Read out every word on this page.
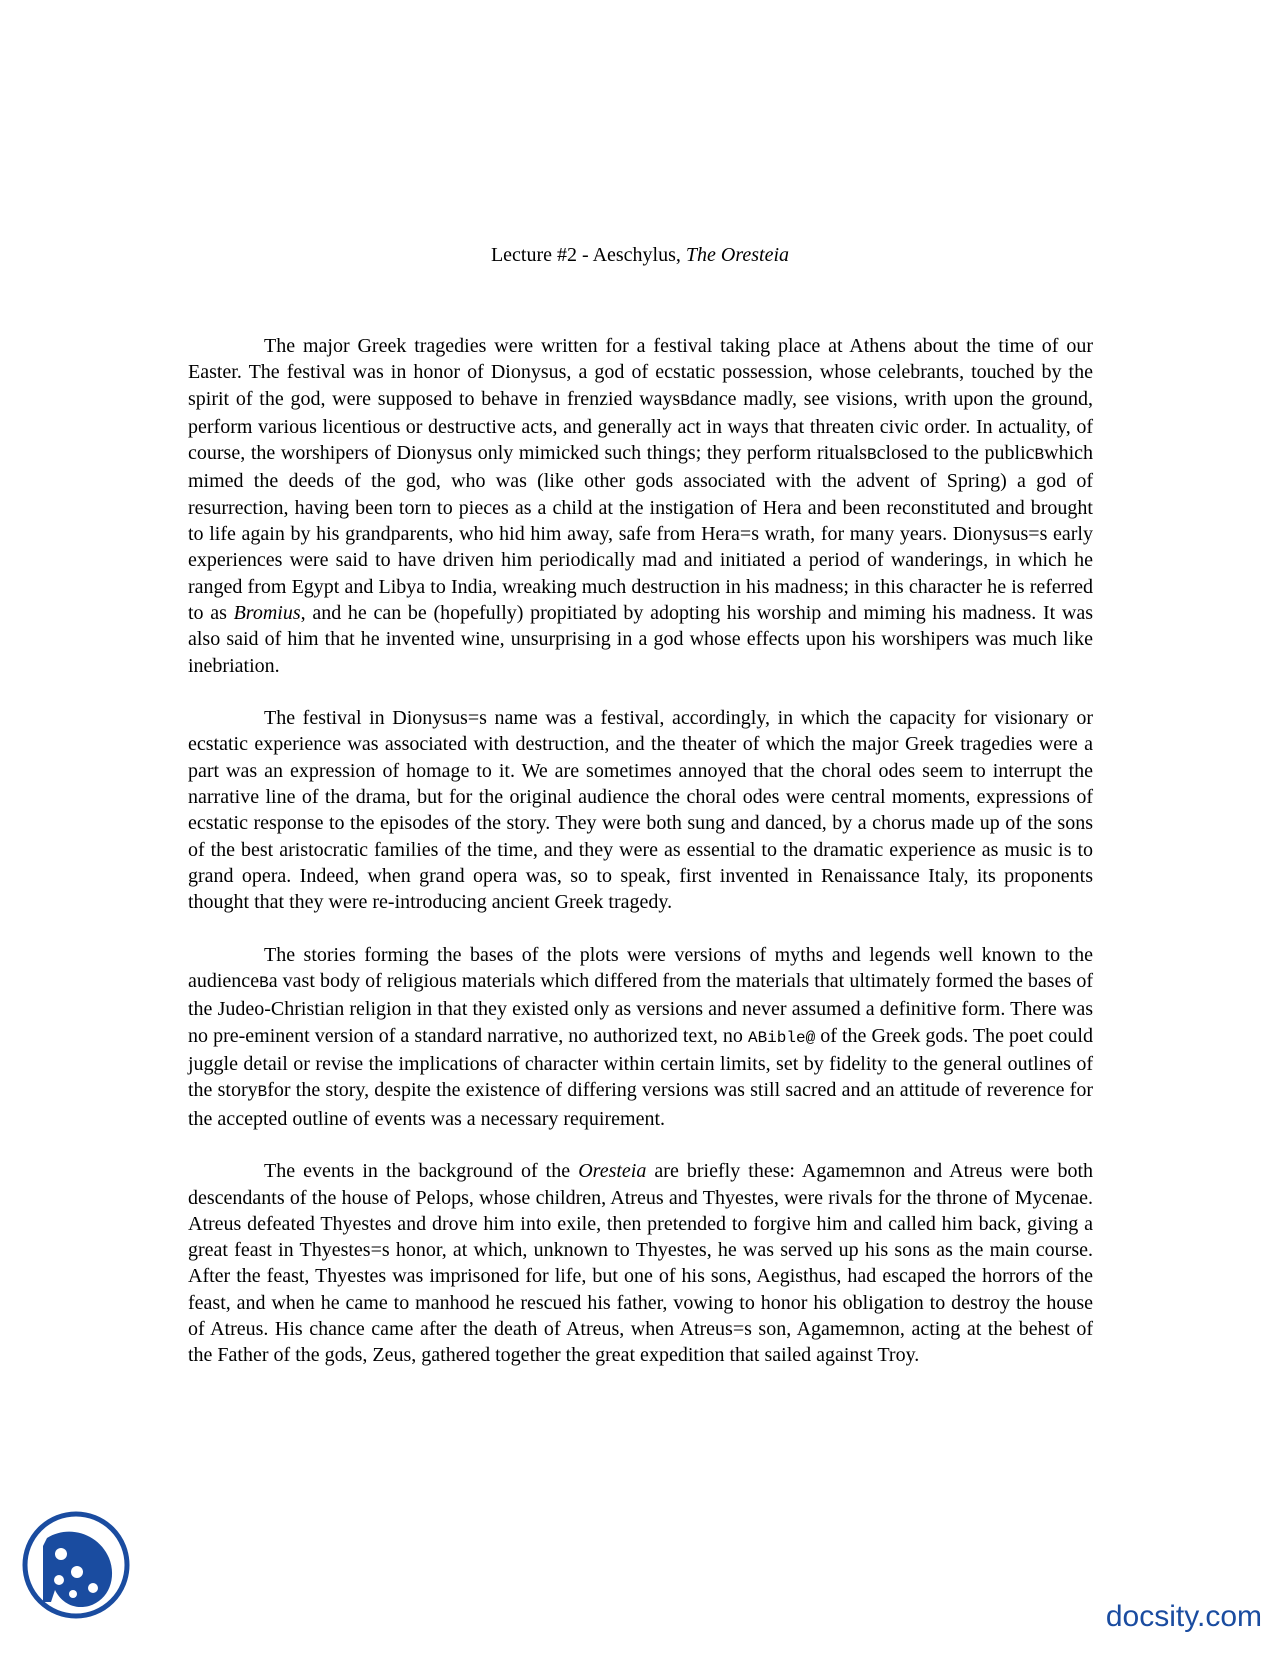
Lecture #2 - Aeschylus, The Oresteia

The major Greek tragedies were written for a festival taking place at Athens about the time of our Easter. The festival was in honor of Dionysus, a god of ecstatic possession, whose celebrants, touched by the spirit of the god, were supposed to behave in frenzied waysBdance madly, see visions, writh upon the ground, perform various licentious or destructive acts, and generally act in ways that threaten civic order. In actuality, of course, the worshipers of Dionysus only mimicked such things; they perform ritualsBclosed to the publicBwhich mimed the deeds of the god, who was (like other gods associated with the advent of Spring) a god of resurrection, having been torn to pieces as a child at the instigation of Hera and been reconstituted and brought to life again by his grandparents, who hid him away, safe from Hera=s wrath, for many years. Dionysus=s early experiences were said to have driven him periodically mad and initiated a period of wanderings, in which he ranged from Egypt and Libya to India, wreaking much destruction in his madness; in this character he is referred to as Bromius, and he can be (hopefully) propitiated by adopting his worship and miming his madness. It was also said of him that he invented wine, unsurprising in a god whose effects upon his worshipers was much like inebriation.

The festival in Dionysus=s name was a festival, accordingly, in which the capacity for visionary or ecstatic experience was associated with destruction, and the theater of which the major Greek tragedies were a part was an expression of homage to it. We are sometimes annoyed that the choral odes seem to interrupt the narrative line of the drama, but for the original audience the choral odes were central moments, expressions of ecstatic response to the episodes of the story. They were both sung and danced, by a chorus made up of the sons of the best aristocratic families of the time, and they were as essential to the dramatic experience as music is to grand opera. Indeed, when grand opera was, so to speak, first invented in Renaissance Italy, its proponents thought that they were re-introducing ancient Greek tragedy.

The stories forming the bases of the plots were versions of myths and legends well known to the audienceBa vast body of religious materials which differed from the materials that ultimately formed the bases of the Judeo-Christian religion in that they existed only as versions and never assumed a definitive form. There was no pre-eminent version of a standard narrative, no authorized text, no ABible@ of the Greek gods. The poet could juggle detail or revise the implications of character within certain limits, set by fidelity to the general outlines of the storyBfor the story, despite the existence of differing versions was still sacred and an attitude of reverence for the accepted outline of events was a necessary requirement.

The events in the background of the Oresteia are briefly these: Agamemnon and Atreus were both descendants of the house of Pelops, whose children, Atreus and Thyestes, were rivals for the throne of Mycenae. Atreus defeated Thyestes and drove him into exile, then pretended to forgive him and called him back, giving a great feast in Thyestes=s honor, at which, unknown to Thyestes, he was served up his sons as the main course. After the feast, Thyestes was imprisoned for life, but one of his sons, Aegisthus, had escaped the horrors of the feast, and when he came to manhood he rescued his father, vowing to honor his obligation to destroy the house of Atreus. His chance came after the death of Atreus, when Atreus=s son, Agamemnon, acting at the behest of the Father of the gods, Zeus, gathered together the great expedition that sailed against Troy.

docsity.com
